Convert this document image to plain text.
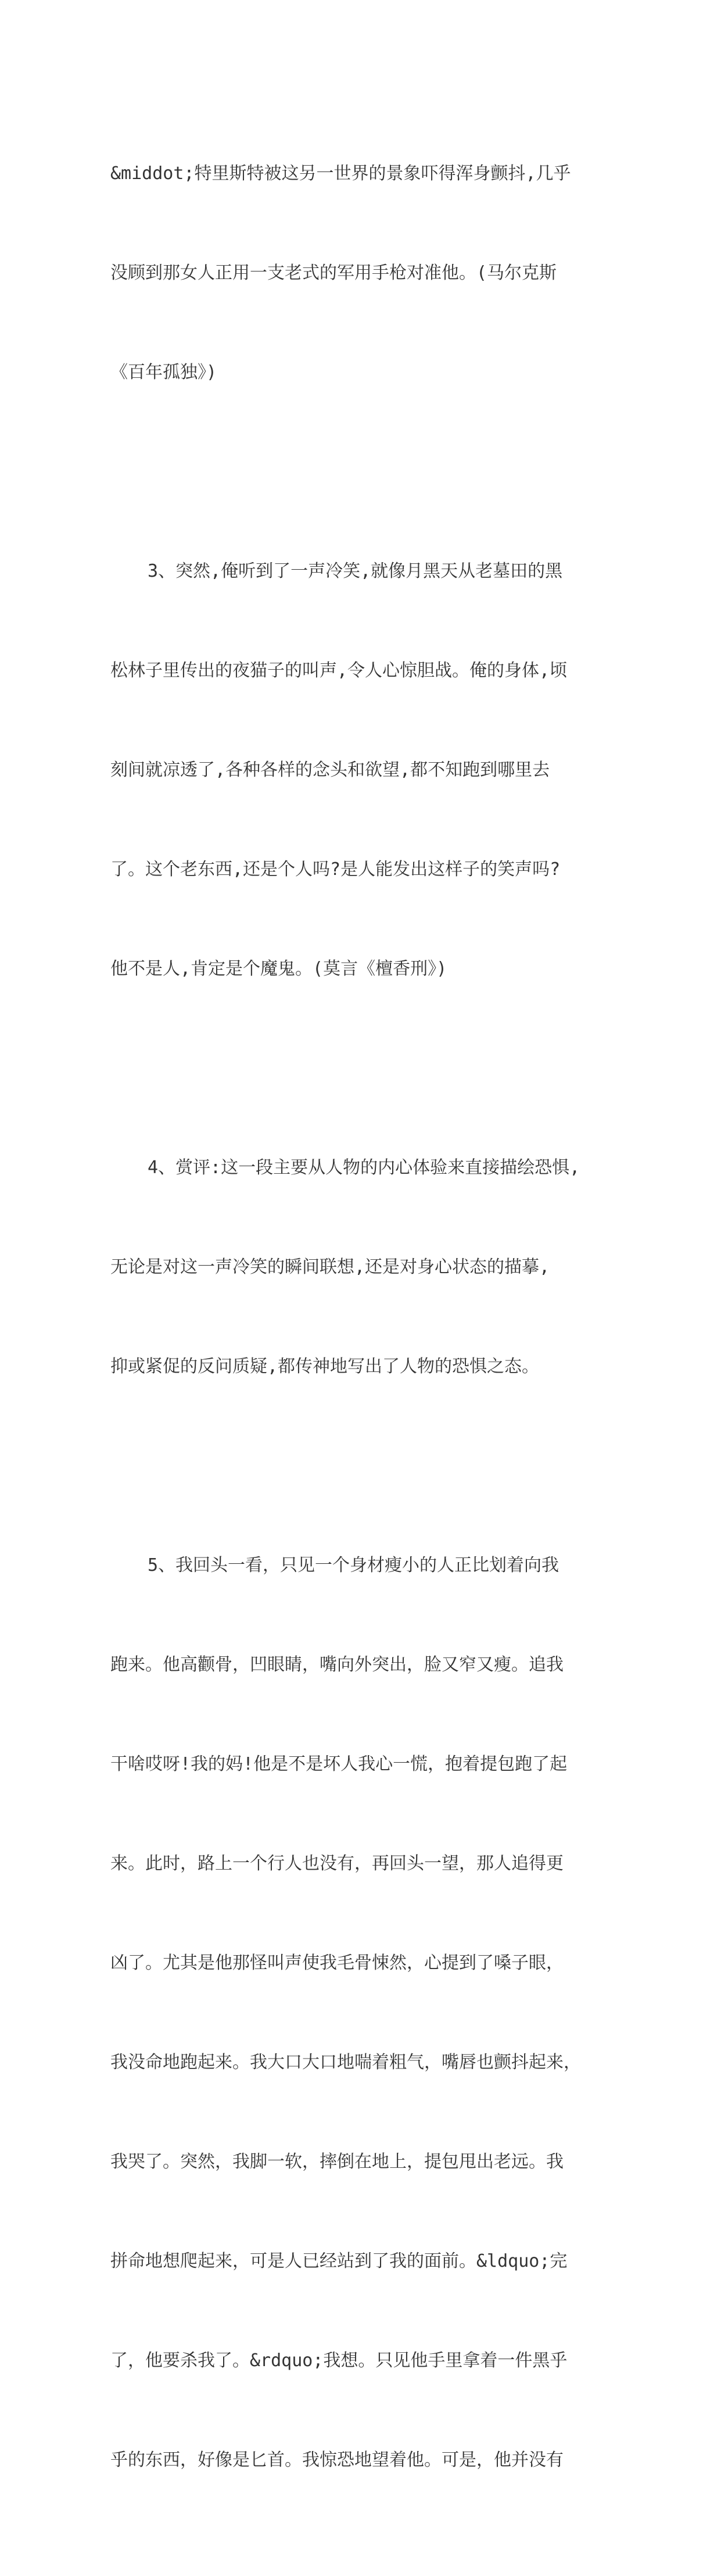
&middot;特里斯特被这另一世界的景象吓得浑身颤抖,几乎

没顾到那女人正用一支老式的军用手枪对准他。(马尔克斯

《百年孤独》)

3、突然,俺听到了一声冷笑,就像月黑天从老墓田的黑

松林子里传出的夜猫子的叫声,令人心惊胆战。俺的身体,顷

刻间就凉透了,各种各样的念头和欲望,都不知跑到哪里去

了。这个老东西,还是个人吗?是人能发出这样子的笑声吗?

他不是人,肯定是个魔鬼。(莫言《檀香刑》)

4、赏评:这一段主要从人物的内心体验来直接描绘恐惧,

无论是对这一声冷笑的瞬间联想,还是对身心状态的描摹,

抑或紧促的反问质疑,都传神地写出了人物的恐惧之态。

5、我回头一看，只见一个身材瘦小的人正比划着向我

跑来。他高颧骨，凹眼睛，嘴向外突出，脸又窄又瘦。追我

干啥哎呀!我的妈!他是不是坏人我心一慌，抱着提包跑了起

来。此时，路上一个行人也没有，再回头一望，那人追得更

凶了。尤其是他那怪叫声使我毛骨悚然，心提到了嗓子眼，

我没命地跑起来。我大口大口地喘着粗气，嘴唇也颤抖起来，

我哭了。突然，我脚一软，摔倒在地上，提包甩出老远。我

拼命地想爬起来，可是人已经站到了我的面前。&ldquo;完

了，他要杀我了。&rdquo;我想。只见他手里拿着一件黑乎

乎的东西，好像是匕首。我惊恐地望着他。可是，他并没有
